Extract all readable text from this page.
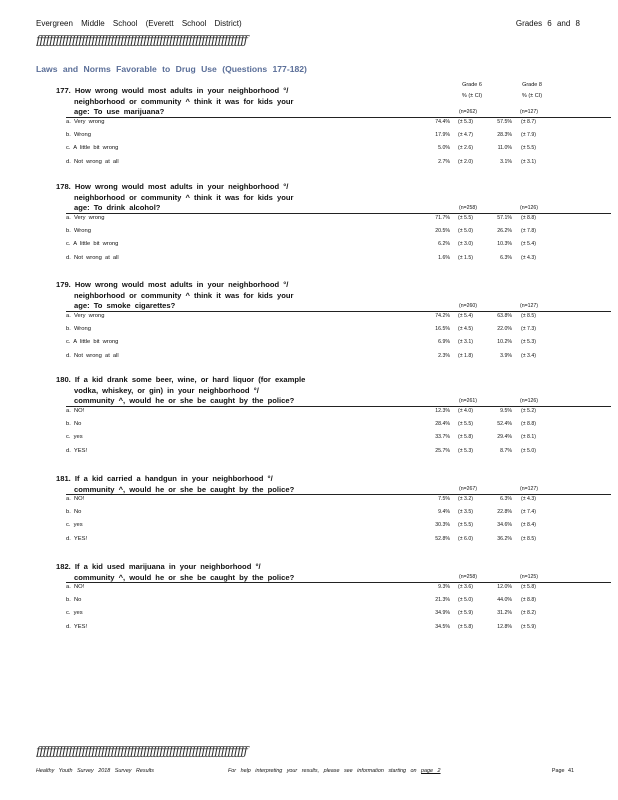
Evergreen Middle School (Everett School District)	Grades 6 and 8
ƒƒƒƒƒƒƒƒƒƒƒƒƒƒƒƒƒƒƒƒƒƒƒƒƒƒƒƒƒƒƒƒƒƒƒƒƒƒƒƒƒƒƒƒƒƒƒƒƒƒƒƒƒƒƒƒƒƒƒƒƒƒƒƒƒ
Laws and Norms Favorable to Drug Use (Questions 177-182)
Grade 6
% (± CI)
Grade 8
% (± CI)
177. How wrong would most adults in your neighborhood °/

neighborhood or community ^ think it was for kids your
age: To use marijuana?	(n=262)	(n=127)
a. Very wrong	74.4% (± 5.3)	57.5% (± 8.7)
b. Wrong	17.9% (± 4.7)	28.3% (± 7.9)
c. A little bit wrong	5.0% (± 2.6)	11.0% (± 5.5)
d. Not wrong at all	2.7% (± 2.0)	3.1% (± 3.1)
178. How wrong would most adults in your neighborhood °/

neighborhood or community ^ think it was for kids your
age: To drink alcohol?	(n=258)	(n=126)
a. Very wrong	71.7% (± 5.5)	57.1% (± 8.8)
b. Wrong	20.5% (± 5.0)	26.2% (± 7.8)
c. A little bit wrong	6.2% (± 3.0)	10.3% (± 5.4)
d. Not wrong at all	1.6% (± 1.5)	6.3% (± 4.3)
179. How wrong would most adults in your neighborhood °/

neighborhood or community ^ think it was for kids your
age: To smoke cigarettes?	(n=260)	(n=127)
a. Very wrong	74.2% (± 5.4)	63.8% (± 8.5)
b. Wrong	16.5% (± 4.5)	22.0% (± 7.3)
c. A little bit wrong	6.9% (± 3.1)	10.2% (± 5.3)
d. Not wrong at all	2.3% (± 1.8)	3.9% (± 3.4)
180. If a kid drank some beer, wine, or hard liquor (for example

vodka, whiskey, or gin) in your neighborhood °/
community ^, would he or she be caught by the police?	(n=261)	(n=126)
a. NO!	12.3% (± 4.0)	9.5% (± 5.2)
b. No	28.4% (± 5.5)	52.4% (± 8.8)
c. yes	33.7% (± 5.8)	29.4% (± 8.1)
d. YES!	25.7% (± 5.3)	8.7% (± 5.0)
181. If a kid carried a handgun in your neighborhood °/

community ^, would he or she be caught by the police?	(n=267)	(n=127)
a. NO!	7.5% (± 3.2)	6.3% (± 4.3)
b. No	9.4% (± 3.5)	22.8% (± 7.4)
c. yes	30.3% (± 5.5)	34.6% (± 8.4)
d. YES!	52.8% (± 6.0)	36.2% (± 8.5)
182. If a kid used marijuana in your neighborhood °/

community ^, would he or she be caught by the police?	(n=258)	(n=125)
a. NO!	9.3% (± 3.6)	12.0% (± 5.8)
b. No	21.3% (± 5.0)	44.0% (± 8.8)
c. yes	34.9% (± 5.9)	31.2% (± 8.2)
d. YES!	34.5% (± 5.8)	12.8% (± 5.9)
ƒƒƒƒƒƒƒƒƒƒƒƒƒƒƒƒƒƒƒƒƒƒƒƒƒƒƒƒƒƒƒƒƒƒƒƒƒƒƒƒƒƒƒƒƒƒƒƒƒƒƒƒƒƒƒƒƒƒƒƒƒƒƒƒƒ
Healthy Youth Survey 2018 Survey Results	For help interpreting your results, please see information starting on page 2	Page 41
